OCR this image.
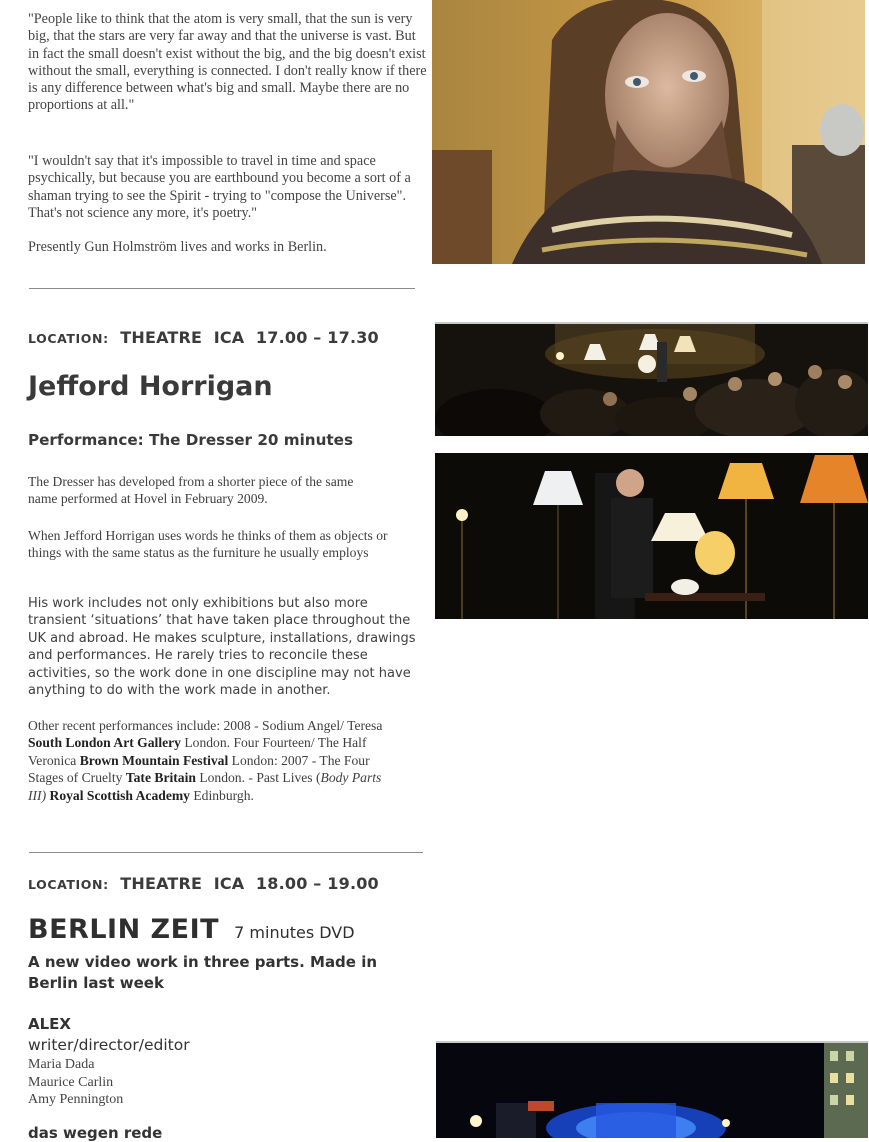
"People like to think that the atom is very small, that the sun is very big, that the stars are very far away and that the universe is vast. But in fact the small doesn't exist without the big, and the big doesn't exist without the small, everything is connected. I don't really know if there is any difference between what's big and small. Maybe there are no proportions at all."
"I wouldn't say that it's impossible to travel in time and space psychically, but because you are earthbound you become a sort of a shaman trying to see the Spirit - trying to "compose the Universe". That's not science any more, it's poetry."
Presently Gun Holmström lives and works in Berlin.
LOCATION: THEATRE  ICA  17.00 – 17.30
Jefford Horrigan
Performance: The Dresser 20 minutes
The Dresser has developed from a shorter piece of the same name performed at Hovel in February 2009.
When Jefford Horrigan uses words he thinks of them as objects or things with the same status as the furniture he usually employs
His work includes not only exhibitions but also more transient ‘situations’ that have taken place throughout the UK and abroad. He makes sculpture, installations, drawings and performances. He rarely tries to reconcile these activities, so the work done in one discipline may not have anything to do with the work made in another.
Other recent performances include: 2008 - Sodium Angel/ Teresa South London Art Gallery London. Four Fourteen/ The Half Veronica Brown Mountain Festival London: 2007 - The Four Stages of Cruelty Tate Britain London. - Past Lives (Body Parts III) Royal Scottish Academy Edinburgh.
LOCATION: THEATRE  ICA  18.00 – 19.00
BERLIN ZEIT 7 minutes DVD
A new video work in three parts. Made in Berlin last week
ALEX
writer/director/editor
Maria Dada
Maurice Carlin
Amy Pennington
das wegen rede
